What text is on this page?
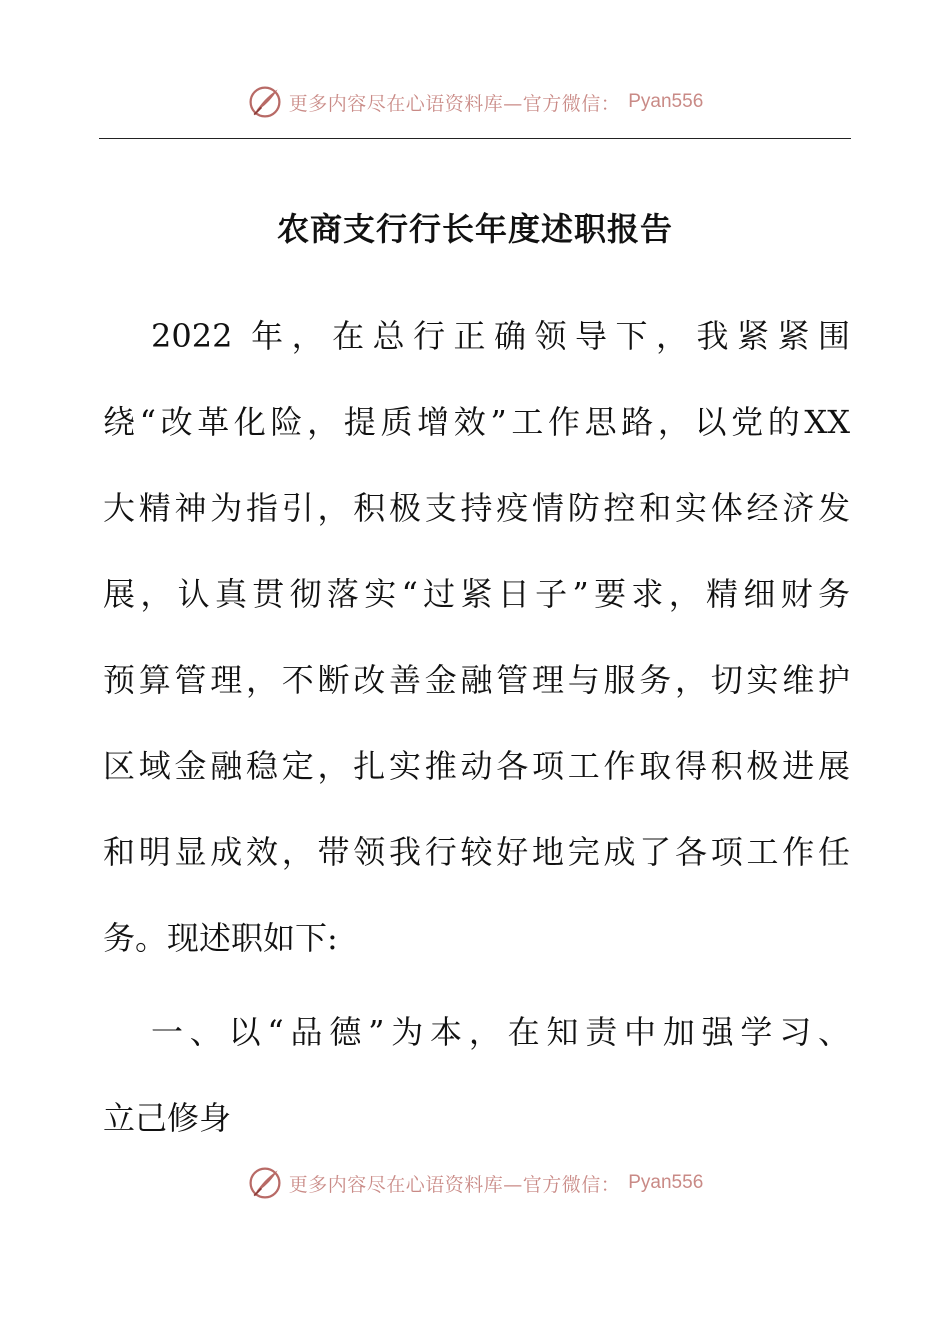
更多内容尽在心语资料库—官方微信： Pyan556
农商支行行长年度述职报告
2022 年，在总行正确领导下，我紧紧围
绕“改革化险，提质增效”工作思路，以党的XX
大精神为指引，积极支持疫情防控和实体经济发
展，认真贯彻落实“过紧日子”要求，精细财务
预算管理，不断改善金融管理与服务，切实维护
区域金融稳定，扎实推动各项工作取得积极进展
和明显成效，带领我行较好地完成了各项工作任
务。现述职如下:
一、以“品德”为本，在知责中加强学习、
立己修身
更多内容尽在心语资料库—官方微信： Pyan556
